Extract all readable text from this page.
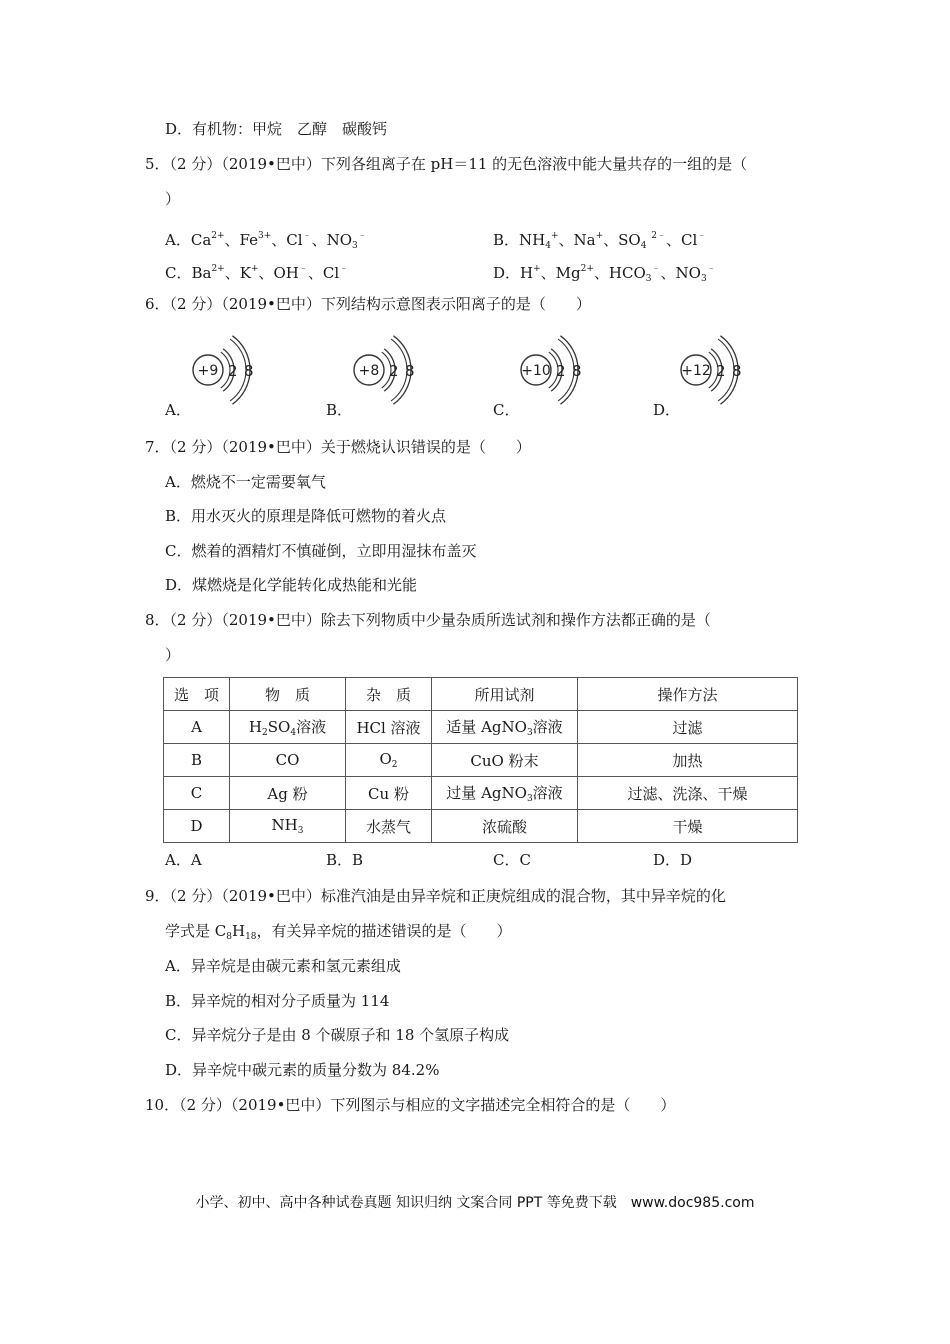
D．有机物：甲烷　乙醇　碳酸钙
5．（2 分）（2019•巴中）下列各组离子在 pH＝11 的无色溶液中能大量共存的一组的是（
）
A．$Ca^{2+}$、$Fe^{3+}$、Cl﹣、$NO_3^﹣$	B．$NH_4^+$、Na+、$SO_4$ $^{2﹣}$、Cl﹣
C．$Ba^{2+}$、K+、OH﹣、Cl﹣	D．H+、$Mg^{2+}$、$HCO_3^﹣$、$NO_3^﹣$
6．（2 分）（2019•巴中）下列结构示意图表示阳离子的是（　　）
+9 2 8
A．
+8 2 8
B．
+10 2 8
C．
+12 2 8
D．
7．（2 分）（2019•巴中）关于燃烧认识错误的是（　　）
A．燃烧不一定需要氧气
B．用水灭火的原理是降低可燃物的着火点
C．燃着的酒精灯不慎碰倒，立即用湿抹布盖灭
D．煤燃烧是化学能转化成热能和光能
8．（2 分）（2019•巴中）除去下列物质中少量杂质所选试剂和操作方法都正确的是（
）
选　项	物　质	杂　质	所用试剂	操作方法
A	$H_2SO_4$溶液	HCl 溶液	适量 AgNO$_3$溶液	过滤
B	CO	$O_2$	CuO 粉末	加热
C	Ag 粉	Cu 粉	过量 AgNO$_3$溶液	过滤、洗涤、干燥
D	$NH_3$	水蒸气	浓硫酸	干燥
A．A	B．B	C．C	D．D
9．（2 分）（2019•巴中）标准汽油是由异辛烷和正庚烷组成的混合物，其中异辛烷的化
学式是 $C_8H_{18}$，有关异辛烷的描述错误的是（　　）
A．异辛烷是由碳元素和氢元素组成
B．异辛烷的相对分子质量为 114
C．异辛烷分子是由 8 个碳原子和 18 个氢原子构成
D．异辛烷中碳元素的质量分数为 84.2%
10．（2 分）（2019•巴中）下列图示与相应的文字描述完全相符合的是（　　）
小学、初中、高中各种试卷真题 知识归纳 文案合同 PPT 等免费下载　www.doc985.com
